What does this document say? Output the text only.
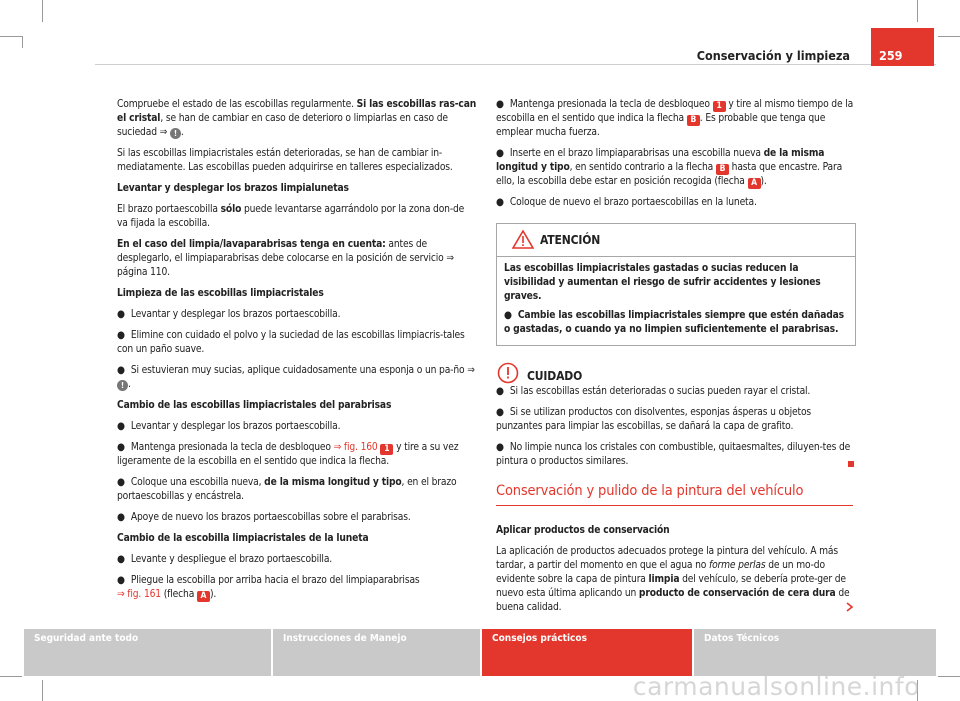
Conservación y limpieza 259

Compruebe el estado de las escobillas regularmente. Si las escobillas ras-can el cristal, se han de cambiar en caso de deterioro o limpiarlas en caso de suciedad ⇒ ! .

Si las escobillas limpiacristales están deterioradas, se han de cambiar in-mediatamente. Las escobillas pueden adquirirse en talleres especializados.

Levantar y desplegar los brazos limpialunetas

El brazo portaescobilla sólo puede levantarse agarrándolo por la zona don-de va fijada la escobilla.

En el caso del limpia/lavaparabrisas tenga en cuenta: antes de desplegarlo, el limpiaparabrisas debe colocarse en la posición de servicio ⇒ página 110.

Limpieza de las escobillas limpiacristales

● Levantar y desplegar los brazos portaescobilla.

● Elimine con cuidado el polvo y la suciedad de las escobillas limpiacris-tales con un paño suave.

● Si estuvieran muy sucias, aplique cuidadosamente una esponja o un pa-ño ⇒ ! .

Cambio de las escobillas limpiacristales del parabrisas

● Levantar y desplegar los brazos portaescobilla.

● Mantenga presionada la tecla de desbloqueo ⇒ fig. 160 1 y tire a su vez ligeramente de la escobilla en el sentido que indica la flecha.

● Coloque una escobilla nueva, de la misma longitud y tipo, en el brazo portaescobillas y encástrela.

● Apoye de nuevo los brazos portaescobillas sobre el parabrisas.

Cambio de la escobilla limpiacristales de la luneta

● Levante y despliegue el brazo portaescobilla.

● Pliegue la escobilla por arriba hacia el brazo del limpiaparabrisas
⇒ fig. 161 (flecha A ).

● Mantenga presionada la tecla de desbloqueo 1 y tire al mismo tiempo de la escobilla en el sentido que indica la flecha B . Es probable que tenga que emplear mucha fuerza.

● Inserte en el brazo limpiaparabrisas una escobilla nueva de la misma longitud y tipo, en sentido contrario a la flecha B hasta que encastre. Para ello, la escobilla debe estar en posición recogida (flecha A ).

● Coloque de nuevo el brazo portaescobillas en la luneta.

ATENCIÓN

Las escobillas limpiacristales gastadas o sucias reducen la visibilidad y aumentan el riesgo de sufrir accidentes y lesiones graves.

● Cambie las escobillas limpiacristales siempre que estén dañadas o gastadas, o cuando ya no limpien suficientemente el parabrisas.

CUIDADO

● Si las escobillas están deterioradas o sucias pueden rayar el cristal.

● Si se utilizan productos con disolventes, esponjas ásperas u objetos punzantes para limpiar las escobillas, se dañará la capa de grafito.

● No limpie nunca los cristales con combustible, quitaesmaltes, diluyen-tes de pintura o productos similares.

Conservación y pulido de la pintura del vehículo

Aplicar productos de conservación

La aplicación de productos adecuados protege la pintura del vehículo. A más tardar, a partir del momento en que el agua no forme perlas de un mo-do evidente sobre la capa de pintura limpia del vehículo, se debería prote-ger de nuevo esta última aplicando un producto de conservación de cera dura de buena calidad.

Seguridad ante todo	Instrucciones de Manejo	Consejos prácticos	Datos Técnicos
carmanualsonline.info
